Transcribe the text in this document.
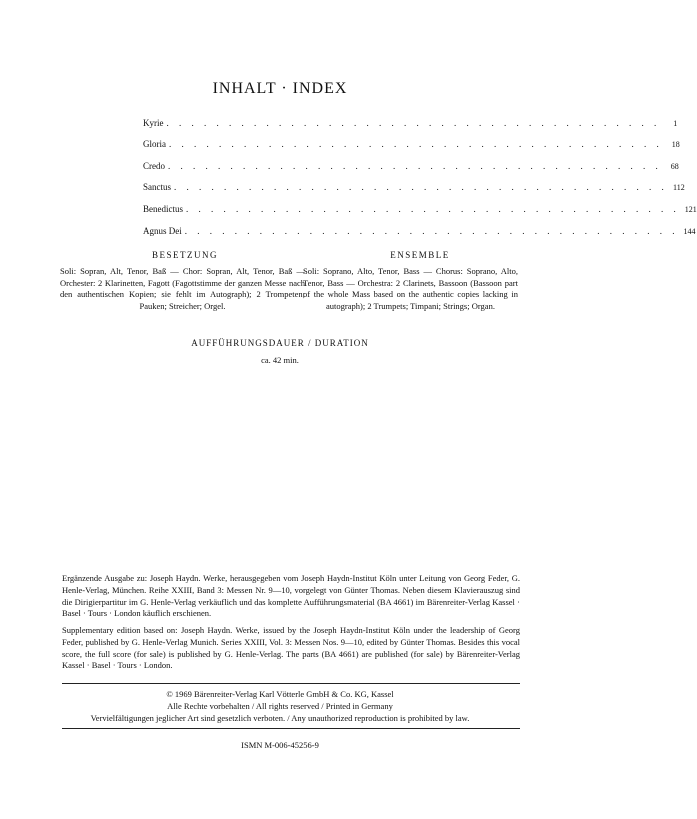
INHALT · INDEX
Kyrie . . . . . . . . . . . . . . . . . . . . . . . . . . . . . . . . . . . . . . . .	1
Gloria . . . . . . . . . . . . . . . . . . . . . . . . . . . . . . . . . . . . . . . .	18
Credo . . . . . . . . . . . . . . . . . . . . . . . . . . . . . . . . . . . . . . . .	68
Sanctus . . . . . . . . . . . . . . . . . . . . . . . . . . . . . . . . . . . . . . . . 112
Benedictus . . . . . . . . . . . . . . . . . . . . . . . . . . . . . . . . . . . . . . . . 121
Agnus Dei . . . . . . . . . . . . . . . . . . . . . . . . . . . . . . . . . . . . . . . . 144
BESETZUNG	ENSEMBLE
Soli: Sopran, Alt, Tenor, Baß — Chor: Sopran, Alt, Tenor, Baß — Orchester: 2 Klarinetten, Fagott (Fagottstimme der ganzen Messe nach den authentischen Kopien; sie fehlt im Autograph); 2 Trompeten; Pauken; Streicher; Orgel.
Soli: Soprano, Alto, Tenor, Bass — Chorus: Soprano, Alto, Tenor, Bass — Orchestra: 2 Clarinets, Bassoon (Bassoon part of the whole Mass based on the authentic copies lacking in autograph); 2 Trumpets; Timpani; Strings; Organ.
AUFFÜHRUNGSDAUER / DURATION
ca. 42 min.
Ergänzende Ausgabe zu: Joseph Haydn. Werke, herausgegeben vom Joseph Haydn-Institut Köln unter Leitung von Georg Feder, G. Henle-Verlag, München. Reihe XXIII, Band 3: Messen Nr. 9—10, vorgelegt von Günter Thomas. Neben diesem Klavierauszug sind die Dirigierpartitur im G. Henle-Verlag verkäuflich und das komplette Aufführungsmaterial (BA 4661) im Bärenreiter-Verlag Kassel · Basel · Tours · London käuflich erschienen.
Supplementary edition based on: Joseph Haydn. Werke, issued by the Joseph Haydn-Institut Köln under the leadership of Georg Feder, published by G. Henle-Verlag Munich. Series XXIII, Vol. 3: Messen Nos. 9—10, edited by Günter Thomas. Besides this vocal score, the full score (for sale) is published by G. Henle-Verlag. The parts (BA 4661) are published (for sale) by Bärenreiter-Verlag Kassel · Basel · Tours · London.
© 1969 Bärenreiter-Verlag Karl Vötterle GmbH & Co. KG, Kassel
Alle Rechte vorbehalten / All rights reserved / Printed in Germany
Vervielfältigungen jeglicher Art sind gesetzlich verboten. / Any unauthorized reproduction is prohibited by law.
ISMN M-006-45256-9
